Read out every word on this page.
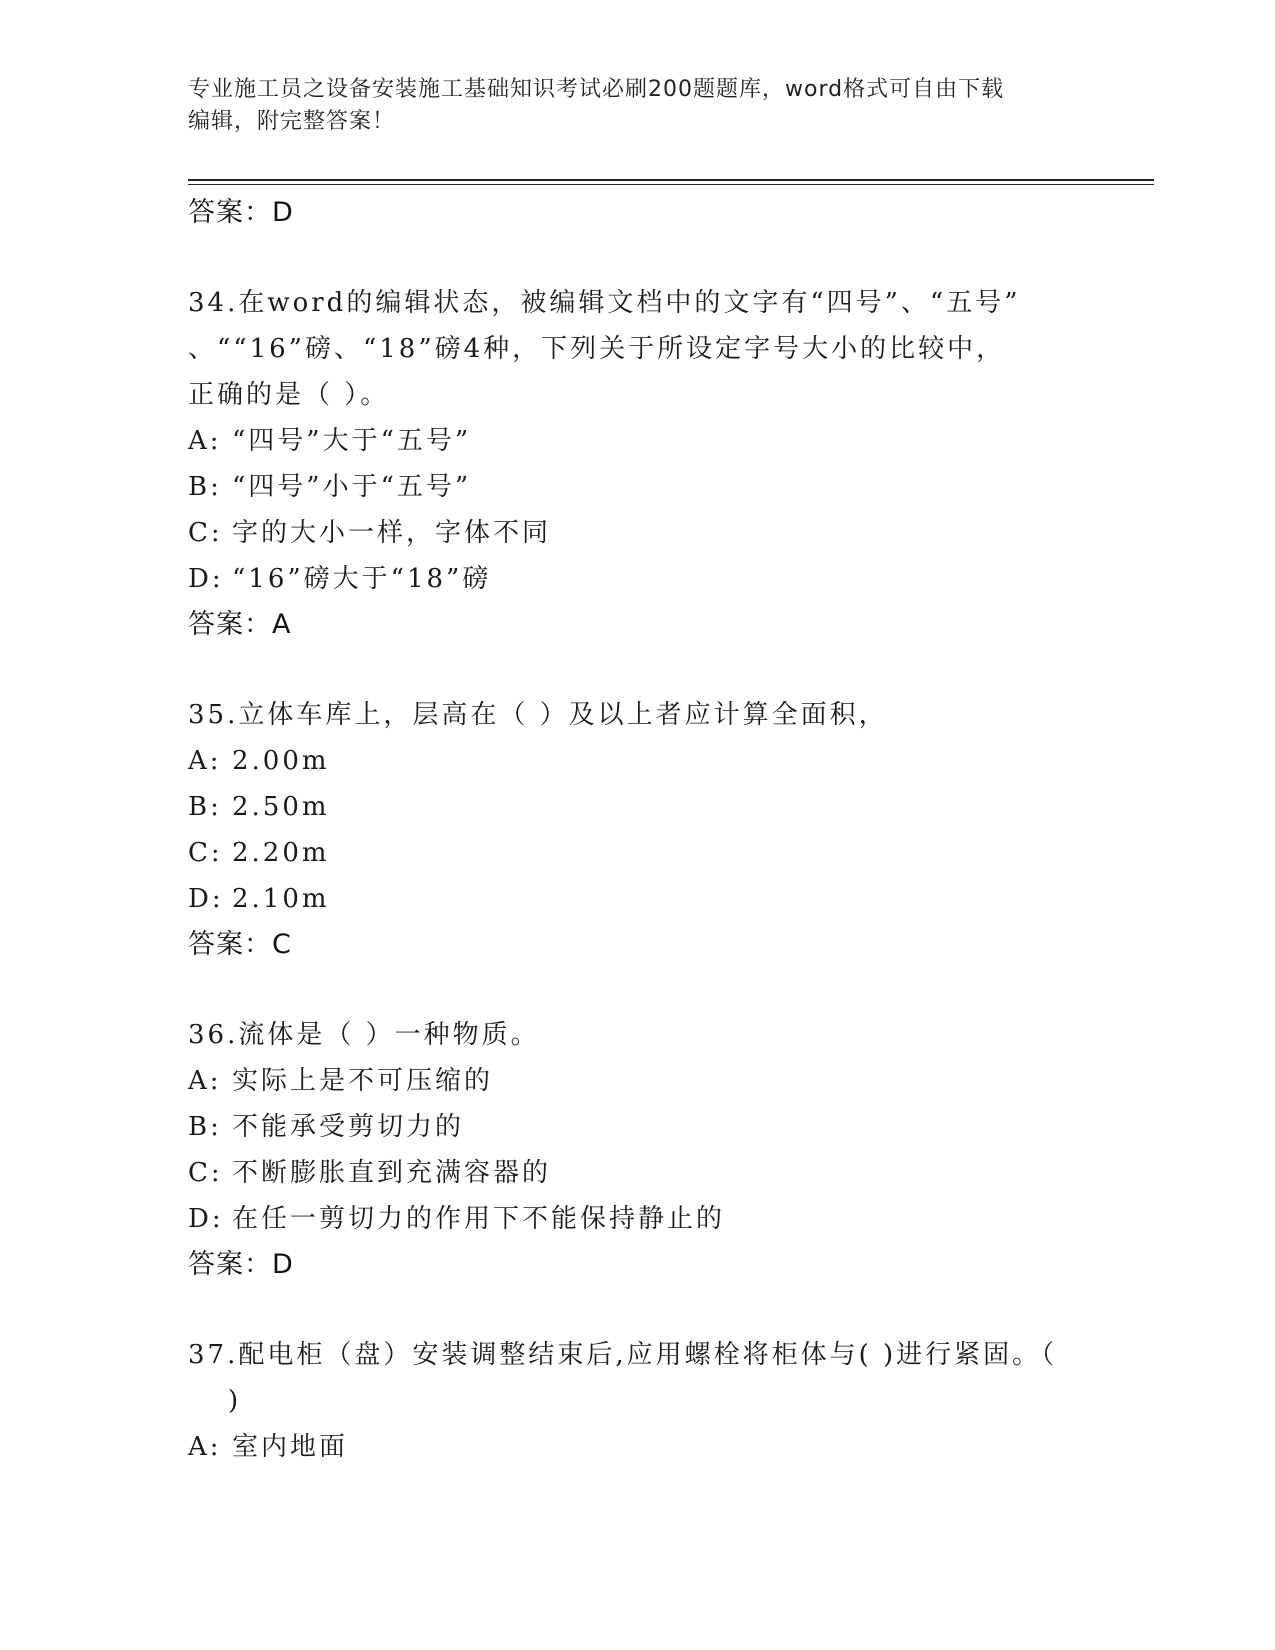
专业施工员之设备安装施工基础知识考试必刷200题题库，word格式可自由下载
编辑，附完整答案！
答案：D
34.在word的编辑状态，被编辑文档中的文字有“四号”、“五号”
、““16”磅、“18”磅4种，下列关于所设定字号大小的比较中，
正确的是（ ）。
A: “四号”大于“五号”
B: “四号”小于“五号”
C: 字的大小一样，字体不同
D: “16”磅大于“18”磅
答案：A
35.立体车库上，层高在（ ）及以上者应计算全面积，
A: 2.00m
B: 2.50m
C: 2.20m
D: 2.10m
答案：C
36.流体是（ ）一种物质。
A: 实际上是不可压缩的
B: 不能承受剪切力的
C: 不断膨胀直到充满容器的
D: 在任一剪切力的作用下不能保持静止的
答案：D
37.配电柜（盘）安装调整结束后,应用螺栓将柜体与( )进行紧固。（
)
A: 室内地面
